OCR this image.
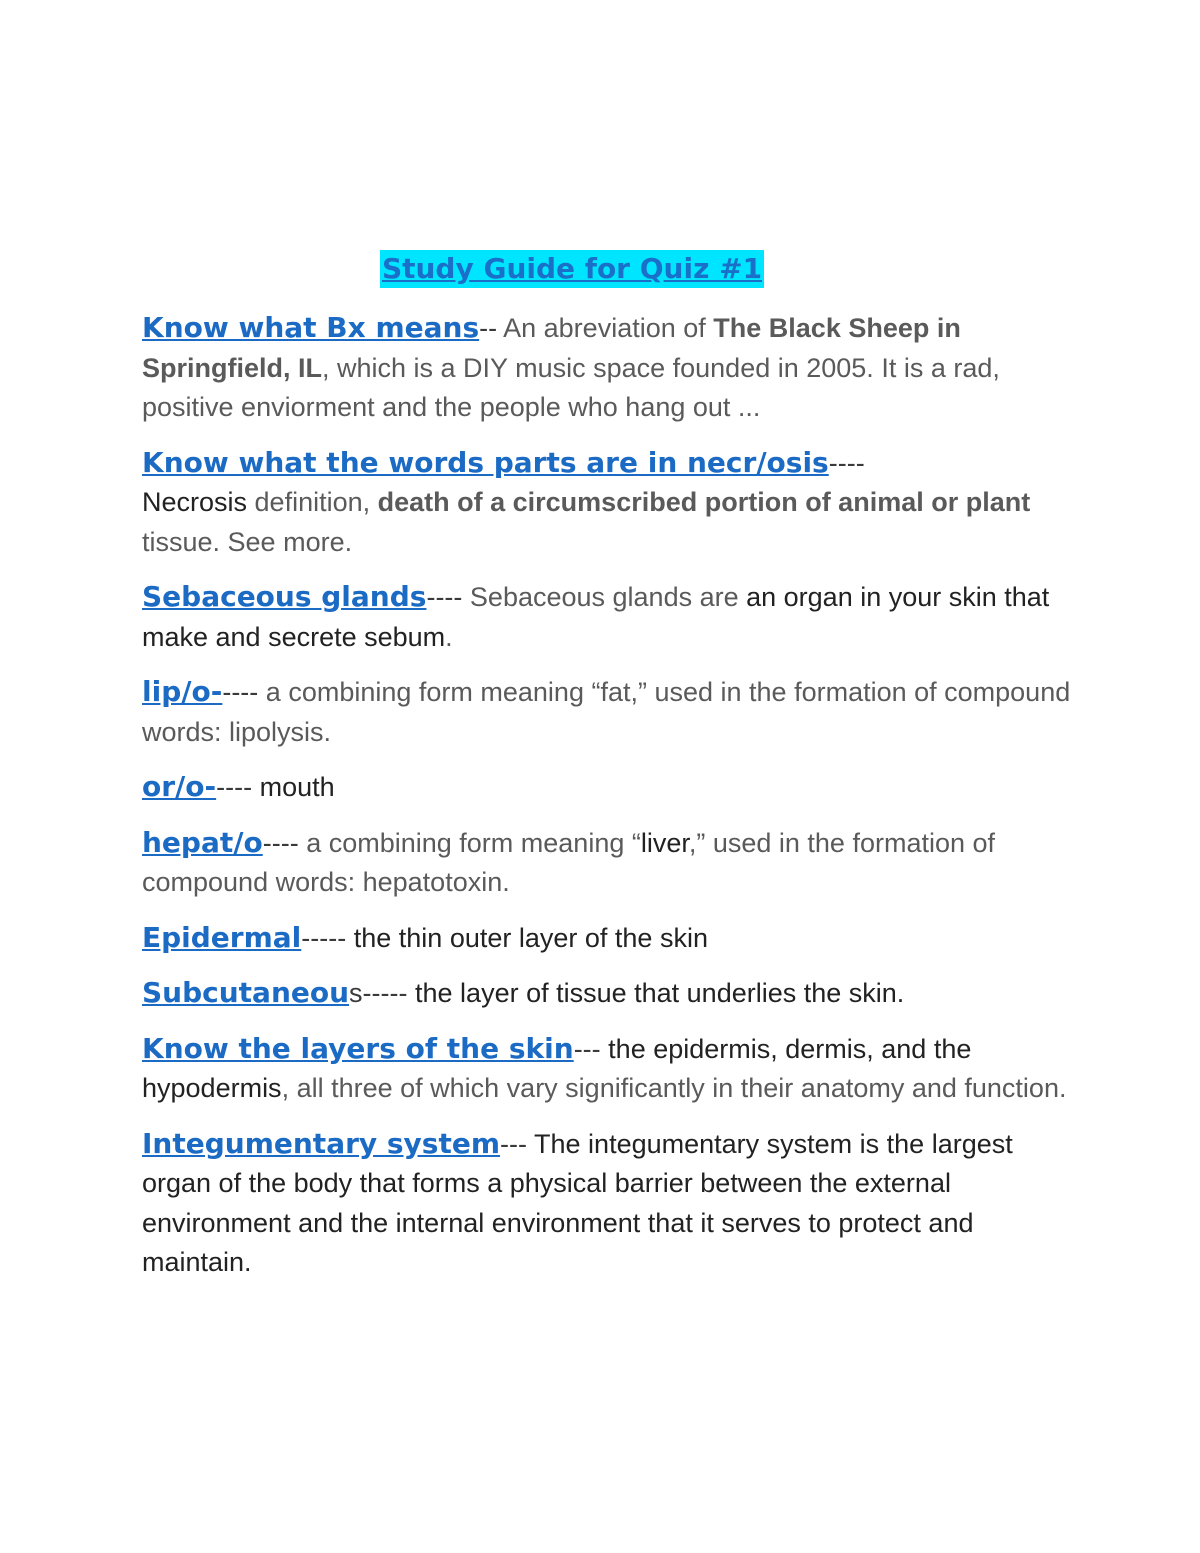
Study Guide for Quiz #1

Know what Bx means-- An abreviation of The Black Sheep in Springfield, IL, which is a DIY music space founded in 2005. It is a rad, positive enviorment and the people who hang out ...

Know what the words parts are in necr/osis----
Necrosis definition, death of a circumscribed portion of animal or plant tissue. See more.

Sebaceous glands---- Sebaceous glands are an organ in your skin that make and secrete sebum.

lip/o----- a combining form meaning “fat,” used in the formation of compound words: lipolysis.

or/o----- mouth

hepat/o---- a combining form meaning “liver,” used in the formation of compound words: hepatotoxin.

Epidermal----- the thin outer layer of the skin

Subcutaneous----- the layer of tissue that underlies the skin.

Know the layers of the skin--- the epidermis, dermis, and the hypodermis, all three of which vary significantly in their anatomy and function.

Integumentary system--- The integumentary system is the largest organ of the body that forms a physical barrier between the external environment and the internal environment that it serves to protect and maintain.
